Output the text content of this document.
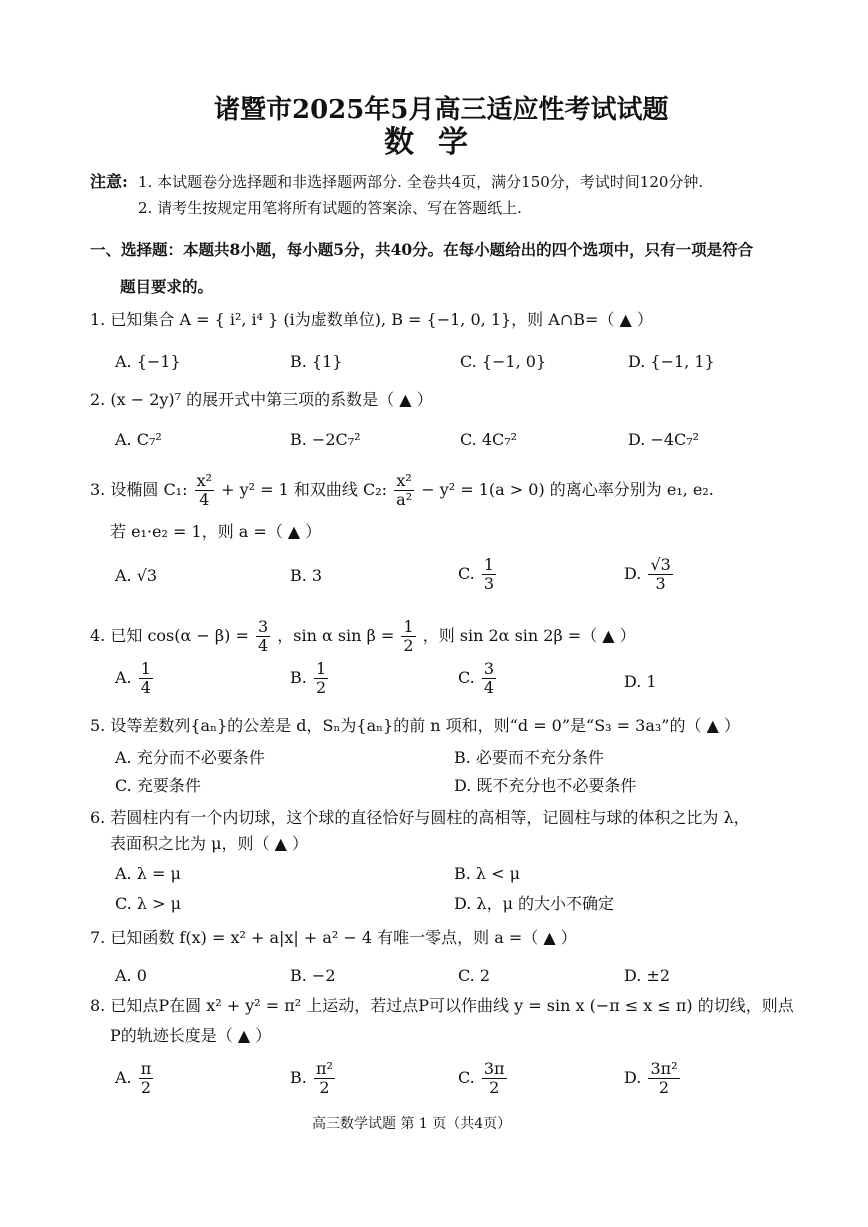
诸暨市2025年5月高三适应性考试试题
数学
注意: 1. 本试题卷分选择题和非选择题两部分. 全卷共4页，满分150分，考试时间120分钟.
2. 请考生按规定用笔将所有试题的答案涂、写在答题纸上.
一、选择题：本题共8小题，每小题5分，共40分。在每小题给出的四个选项中，只有一项是符合
题目要求的。
1. 已知集合 A = { i², i⁴ } (i为虚数单位), B = {−1, 0, 1}，则 A∩B=（ ▲ ）
A. {−1}	B. {1}	C. {−1, 0}	D. {−1, 1}
2. (x − 2y)⁷ 的展开式中第三项的系数是（ ▲ ）
A. C₇²	B. −2C₇²	C. 4C₇²	D. −4C₇²
3. 设椭圆 C₁: $\frac{\text{x²}}{4} + y^2 = 1$ 和双曲线 C₂: $\frac{\text{x²}}{\text{a²}} - y^2 = 1(a > 0)$ 的离心率分别为 e₁, e₂.
若 e₁·e₂ = 1，则 a =（ ▲ ）
A. √3	B. 3	C. $\frac{1}{3}$	D. $\frac{√3}{3}$
4. 已知 $\cos(\alpha - \beta) = \frac{3}{4}$ ，sin α $\sin \beta = \frac{1}{2}$ ，则 sin 2α sin 2β =（ ▲ ）
A. $\frac{1}{4}$	B. $\frac{1}{2}$	C. $\frac{3}{4}$	D. 1
5. 设等差数列{aₙ}的公差是 d，Sₙ为{aₙ}的前 n 项和，则“d = 0”是“S₃ = 3a₃”的（ ▲ ）
A. 充分而不必要条件	B. 必要而不充分条件
C. 充要条件	D. 既不充分也不必要条件
6. 若圆柱内有一个内切球，这个球的直径恰好与圆柱的高相等，记圆柱与球的体积之比为 λ，
表面积之比为 μ，则（ ▲ ）
A. λ = μ	B. λ < μ
C. λ > μ	D. λ，μ 的大小不确定
7. 已知函数 f(x) = x² + a|x| + a² − 4 有唯一零点，则 a =（ ▲ ）
A. 0	B. −2	C. 2	D. ±2
8. 已知点P在圆 x² + y² = π² 上运动，若过点P可以作曲线 y = sin x (−π ≤ x ≤ π) 的切线，则点
P的轨迹长度是（ ▲ ）
A. $\frac{\pi}{2}$	B. $\frac{\text{π²}}{2}$	C. $\frac{3\pi}{2}$	D. $\frac{\text{3π²}}{2}$
高三数学试题 第 1 页（共4页）
